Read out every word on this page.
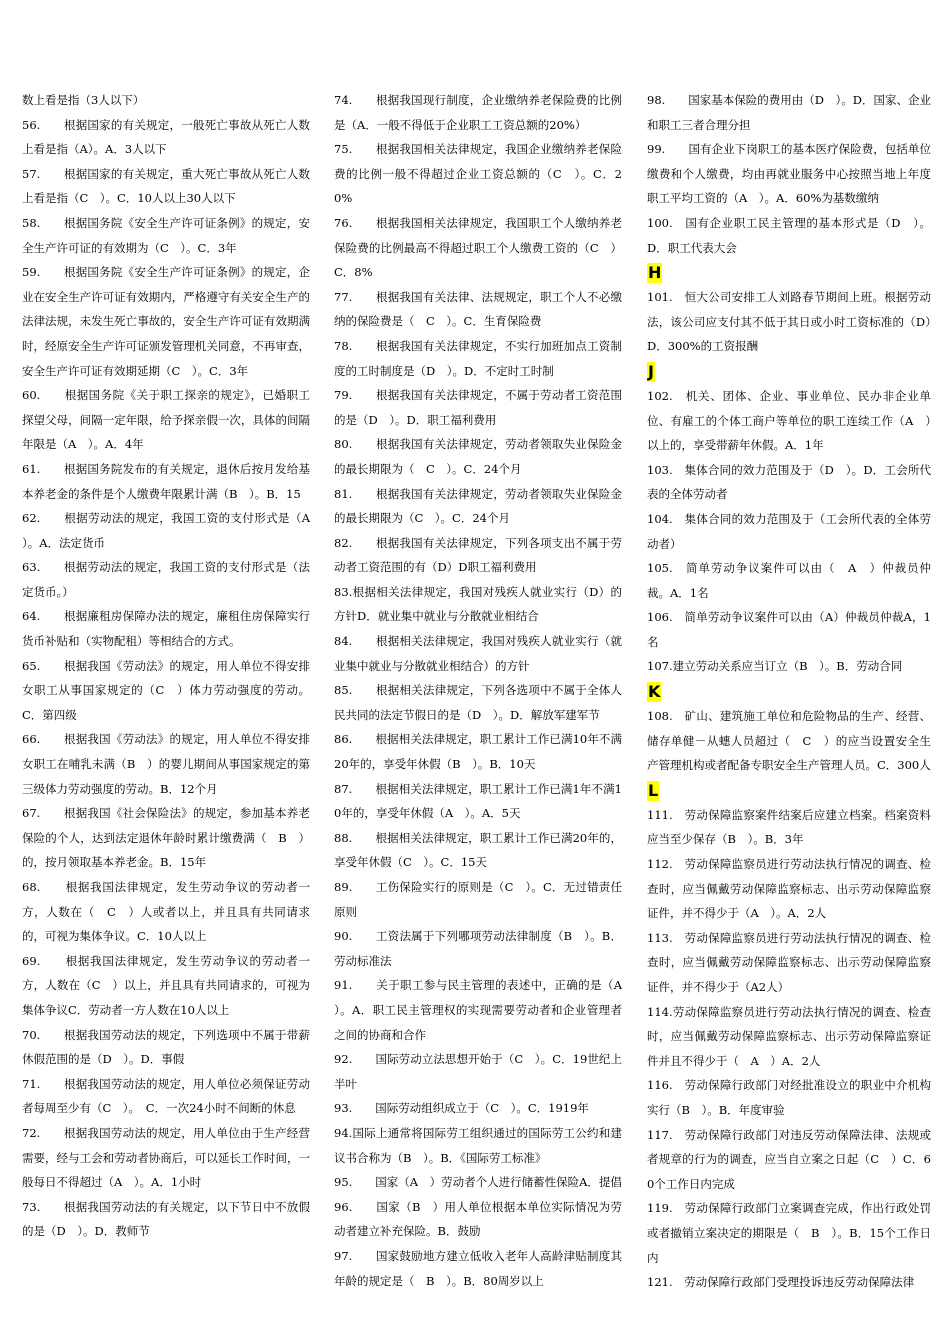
数上看是指（3人以下）

56.　　根据国家的有关规定，一般死亡事故从死亡人数上看是指（A）。A．3人以下

57.　　根据国家的有关规定，重大死亡事故从死亡人数上看是指（C　）。C．10人以上30人以下

58.　　根据国务院《安全生产许可证条例》的规定，安全生产许可证的有效期为（C　）。C．3年

59.　　根据国务院《安全生产许可证条例》的规定，企业在安全生产许可证有效期内，严格遵守有关安全生产的法律法规，未发生死亡事故的，安全生产许可证有效期满时，经原安全生产许可证颁发管理机关同意，不再审查，安全生产许可证有效期延期（C　）。C．3年

60.　　根据国务院《关于职工探亲的规定》，已婚职工探望父母，间隔一定年限，给予探亲假一次，具体的间隔年限是（A　）。A．4年

61.　　根据国务院发布的有关规定，退休后按月发给基本养老金的条件是个人缴费年限累计满（B　）。B．15

62.　　根据劳动法的规定，我国工资的支付形式是（A　）。A．法定货币

63.　　根据劳动法的规定，我国工资的支付形式是（法定货币。）

64.　　根据廉租房保障办法的规定，廉租住房保障实行货币补贴和（实物配租）等相结合的方式。

65.　　根据我国《劳动法》的规定，用人单位不得安排女职工从事国家规定的（C　）体力劳动强度的劳动。C．第四级

66.　　根据我国《劳动法》的规定，用人单位不得安排女职工在哺乳未满（B　）的婴儿期间从事国家规定的第三级体力劳动强度的劳动。B．12个月

67.　　根据我国《社会保险法》的规定，参加基本养老保险的个人，达到法定退休年龄时累计缴费满（　B　）的，按月领取基本养老金。B．15年

68.　　根据我国法律规定，发生劳动争议的劳动者一方，人数在（　C　）人或者以上，并且具有共同请求的，可视为集体争议。C．10人以上

69.　　根据我国法律规定，发生劳动争议的劳动者一方，人数在（C　）以上，并且具有共同请求的，可视为集体争议C．劳动者一方人数在10人以上

70.　　根据我国劳动法的规定，下列选项中不属于带薪休假范围的是（D　）。D．事假

71.　　根据我国劳动法的规定，用人单位必须保证劳动者每周至少有（C　）。　C．一次24小时不间断的休息

72.　　根据我国劳动法的规定，用人单位由于生产经营需要，经与工会和劳动者协商后，可以延长工作时间，一般每日不得超过（A　）。A．1小时

73.　　根据我国劳动法的有关规定，以下节日中不放假的是（D　）。D．教师节

74.　　根据我国现行制度，企业缴纳养老保险费的比例是（A．一般不得低于企业职工工资总额的20%）

75.　　根据我国相关法律规定，我国企业缴纳养老保险费的比例一般不得超过企业工资总额的（C　）。C．20%

76.　　根据我国相关法律规定，我国职工个人缴纳养老保险费的比例最高不得超过职工个人缴费工资的（C　）C．8%

77.　　根据我国有关法律、法规规定，职工个人不必缴纳的保险费是（　C　）。C．生育保险费

78.　　根据我国有关法律规定，不实行加班加点工资制度的工时制度是（D　）。D．不定时工时制

79.　　根据我国有关法律规定，不属于劳动者工资范围的是（D　）。D．职工福利费用

80.　　根据我国有关法律规定，劳动者领取失业保险金的最长期限为（　C　）。C．24个月

81.　　根据我国有关法律规定，劳动者领取失业保险金的最长期限为（C　）。C．24个月

82.　　根据我国有关法律规定，下列各项支出不属于劳动者工资范围的有（D）D职工福利费用

83.根据相关法律规定，我国对残疾人就业实行（D）的方针D．就业集中就业与分散就业相结合

84.　　根据相关法律规定，我国对残疾人就业实行（就业集中就业与分散就业相结合）的方针

85.　　根据相关法律规定，下列各选项中不属于全体人民共同的法定节假日的是（D　）。D．解放军建军节

86.　　根据相关法律规定，职工累计工作已满10年不满20年的，享受年休假（B　）。B．10天

87.　　根据相关法律规定，职工累计工作已满1年不满10年的，享受年休假（A　）。A．5天

88.　　根据相关法律规定，职工累计工作已满20年的，享受年休假（C　）。C．15天

89.　　工伤保险实行的原则是（C　）。C．无过错责任原则

90.　　工资法属于下列哪项劳动法律制度（B　）。B．劳动标准法

91.　　关于职工参与民主管理的表述中，正确的是（A　）。A．职工民主管理权的实现需要劳动者和企业管理者之间的协商和合作

92.　　国际劳动立法思想开始于（C　）。C．19世纪上半叶

93.　　国际劳动组织成立于（C　）。C．1919年

94.国际上通常将国际劳工组织通过的国际劳工公约和建议书合称为（B　）。B．《国际劳工标准》

95.　　国家（A　）劳动者个人进行储蓄性保险A．提倡

96.　　国家（B　）用人单位根据本单位实际情况为劳动者建立补充保险。B．鼓励

97.　　国家鼓励地方建立低收入老年人高龄津贴制度其年龄的规定是（　B　）。B．80周岁以上

98.　　国家基本保险的费用由（D　）。D．国家、企业和职工三者合理分担

99.　　国有企业下岗职工的基本医疗保险费，包括单位缴费和个人缴费，均由再就业服务中心按照当地上年度职工平均工资的（A　）。A．60%为基数缴纳

100.　国有企业职工民主管理的基本形式是（D　）。D．职工代表大会

H

101.　恒大公司安排工人刘路春节期间上班。根据劳动法，该公司应支付其不低于其日或小时工资标准的（D）D．300%的工资报酬

J

102.　机关、团体、企业、事业单位、民办非企业单位、有雇工的个体工商户等单位的职工连续工作（A　）以上的，享受带薪年休假。A．1年

103.　集体合同的效力范围及于（D　）。D．工会所代表的全体劳动者

104.　集体合同的效力范围及于（工会所代表的全体劳动者）

105.　简单劳动争议案件可以由（　A　）仲裁员仲裁。A．1名

106.　简单劳动争议案件可以由（A）仲裁员仲裁A，1名

107.建立劳动关系应当订立（B　）。B．劳动合同

K

108.　矿山、建筑施工单位和危险物品的生产、经营、储存单健－从蟪人员超过（　C　）的应当设置安全生产管理机构或者配备专职安全生产管理人员。C．300人

L

111.　劳动保障监察案件结案后应建立档案。档案资料应当至少保存（B　）。B．3年

112.　劳动保障监察员进行劳动法执行情况的调查、检查时，应当佩戴劳动保障监察标志、出示劳动保障监察证件，并不得少于（A　）。A．2人

113.　劳动保障监察员进行劳动法执行情况的调查、检查时，应当佩戴劳动保障监察标志、出示劳动保障监察证件，并不得少于（A2人）

114.劳动保障监察员进行劳动法执行情况的调查、检查时，应当佩戴劳动保障监察标志、出示劳动保障监察证件并且不得少于（　A　）A．2人

116.　劳动保障行政部门对经批准设立的职业中介机构实行（B　）。B．年度审验

117.　劳动保障行政部门对违反劳动保障法律、法规或者规章的行为的调查，应当自立案之日起（C　）C．60个工作日内完成

119.　劳动保障行政部门立案调查完成，作出行政处罚或者撤销立案决定的期限是（　B　）。B．15个工作日内

121.　劳动保障行政部门受理投诉违反劳动保障法律
